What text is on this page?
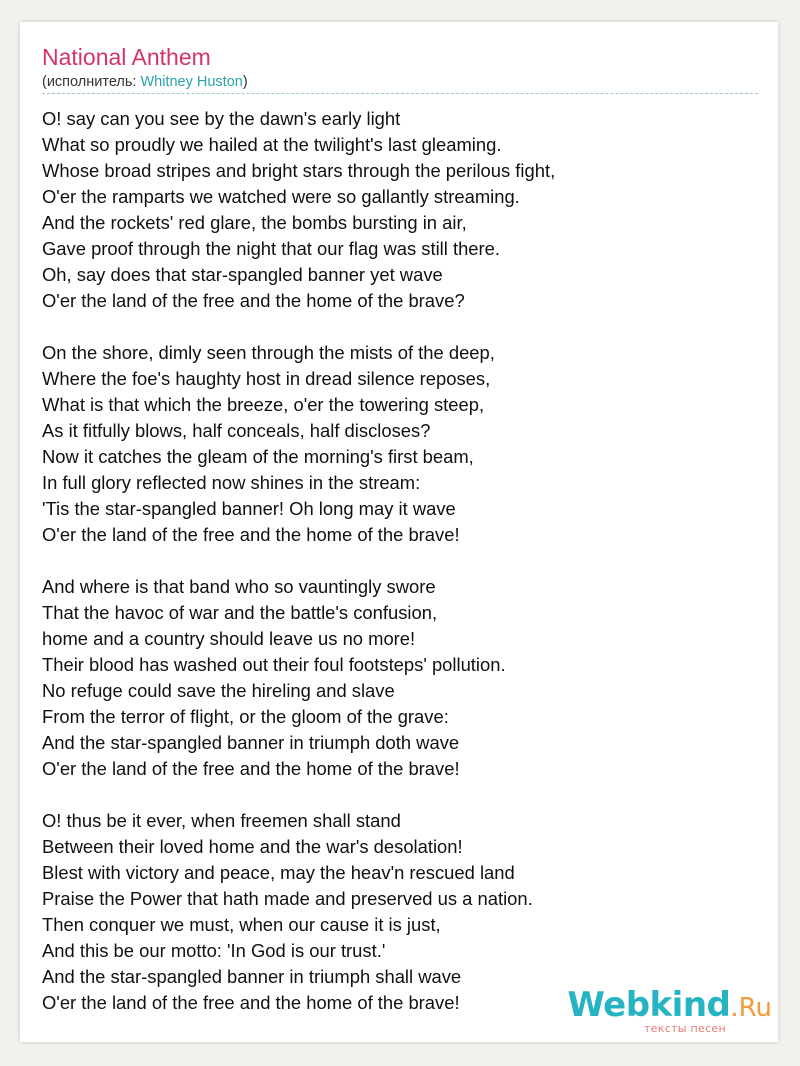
National Anthem
(исполнитель: Whitney Huston)
O! say can you see by the dawn's early light
What so proudly we hailed at the twilight's last gleaming.
Whose broad stripes and bright stars through the perilous fight,
O'er the ramparts we watched were so gallantly streaming.
And the rockets' red glare, the bombs bursting in air,
Gave proof through the night that our flag was still there.
Oh, say does that star-spangled banner yet wave
O'er the land of the free and the home of the brave?
On the shore, dimly seen through the mists of the deep,
Where the foe's haughty host in dread silence reposes,
What is that which the breeze, o'er the towering steep,
As it fitfully blows, half conceals, half discloses?
Now it catches the gleam of the morning's first beam,
In full glory reflected now shines in the stream:
'Tis the star-spangled banner! Oh long may it wave
O'er the land of the free and the home of the brave!
And where is that band who so vauntingly swore
That the havoc of war and the battle's confusion,
home and a country should leave us no more!
Their blood has washed out their foul footsteps' pollution.
No refuge could save the hireling and slave
From the terror of flight, or the gloom of the grave:
And the star-spangled banner in triumph doth wave
O'er the land of the free and the home of the brave!
O! thus be it ever, when freemen shall stand
Between their loved home and the war's desolation!
Blest with victory and peace, may the heav'n rescued land
Praise the Power that hath made and preserved us a nation.
Then conquer we must, when our cause it is just,
And this be our motto: 'In God is our trust.'
And the star-spangled banner in triumph shall wave
O'er the land of the free and the home of the brave!	Webkind.Ru
тексты песен
